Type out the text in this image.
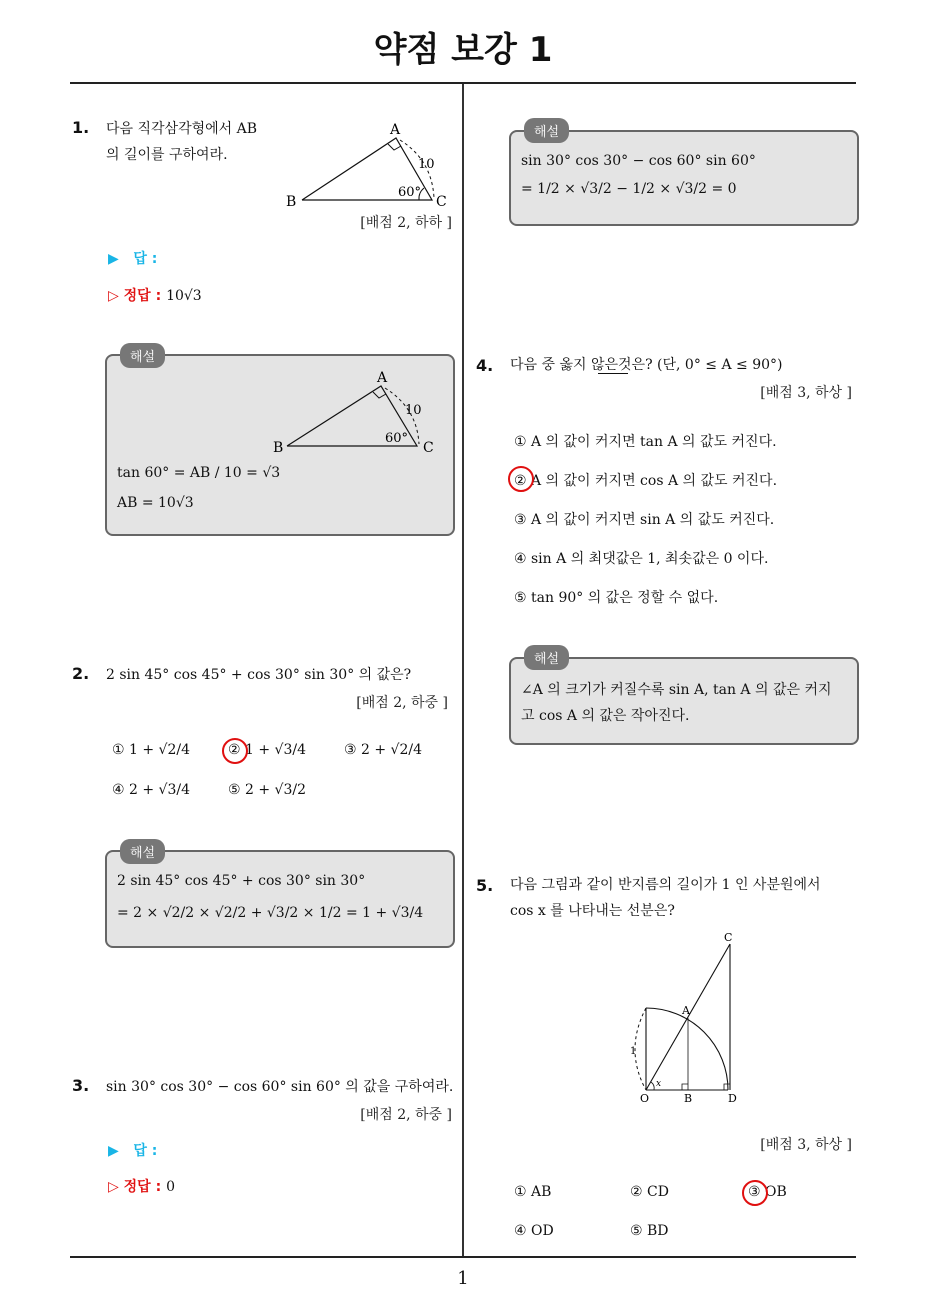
약점 보강 1
1
1. 다음 직각삼각형에서 AB
의 길이를 구하여라.
A
B	C
10
60°
[배점 2, 하하 ]
▶ 답 :
▷ 정답 : 10√3
A
B	C
10
60°
tan 60° = AB / 10 = √3
AB = 10√3
해설
2. 2 sin 45° cos 45° + cos 30° sin 30° 의 값은?
[배점 2, 하중 ]
① 1 + √2/4	② 1 + √3/4	③ 2 + √2/4
④ 2 + √3/4	⑤ 2 + √3/2
2 sin 45° cos 45° + cos 30° sin 30°
= 2 × √2/2 × √2/2 + √3/2 × 1/2 = 1 + √3/4
해설
3. sin 30° cos 30° − cos 60° sin 60° 의 값을 구하여라.
[배점 2, 하중 ]
▶ 답 :
▷ 정답 : 0
sin 30° cos 30° − cos 60° sin 60°
= 1/2 × √3/2 − 1/2 × √3/2 = 0
해설
4. 다음 중 옳지 않은것은? (단, 0° ≤ A ≤ 90°)
[배점 3, 하상 ]
① A 의 값이 커지면 tan A 의 값도 커진다.
② A 의 값이 커지면 cos A 의 값도 커진다.
③ A 의 값이 커지면 sin A 의 값도 커진다.
④ sin A 의 최댓값은 1, 최솟값은 0 이다.
⑤ tan 90° 의 값은 정할 수 없다.
∠A 의 크기가 커질수록 sin A, tan A 의 값은 커지
고 cos A 의 값은 작아진다.
해설
5. 다음 그림과 같이 반지름의 길이가 1 인 사분원에서
cos x 를 나타내는 선분은?
C
A
O	B	D
1
x
[배점 3, 하상 ]
① AB	② CD	③ OB
④ OD	⑤ BD
